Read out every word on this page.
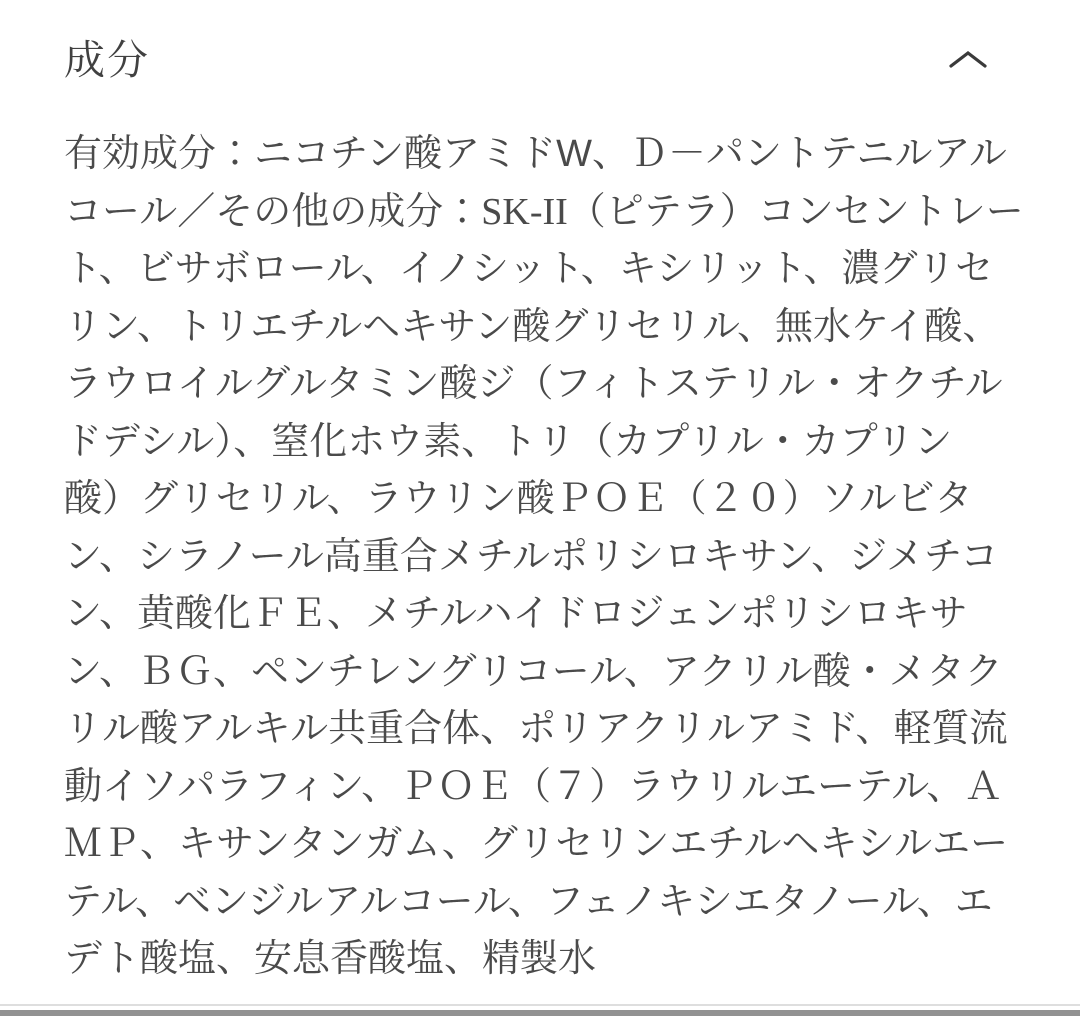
成分
有効成分：ニコチン酸アミドW、Ｄ－パントテニルアル
コール／その他の成分：SK-II（ピテラ）コンセントレー
ト、ビサボロール、イノシット、キシリット、濃グリセ
リン、トリエチルヘキサン酸グリセリル、無水ケイ酸、
ラウロイルグルタミン酸ジ（フィトステリル・オクチル
ドデシル）、窒化ホウ素、トリ（カプリル・カプリン
酸）グリセリル、ラウリン酸ＰＯＥ（２０）ソルビタ
ン、シラノール高重合メチルポリシロキサン、ジメチコ
ン、黄酸化ＦＥ、メチルハイドロジェンポリシロキサ
ン、ＢＧ、ペンチレングリコール、アクリル酸・メタク
リル酸アルキル共重合体、ポリアクリルアミド、軽質流
動イソパラフィン、ＰＯＥ（７）ラウリルエーテル、Ａ
ＭＰ、キサンタンガム、グリセリンエチルヘキシルエー
テル、ベンジルアルコール、フェノキシエタノール、エ
デト酸塩、安息香酸塩、精製水
